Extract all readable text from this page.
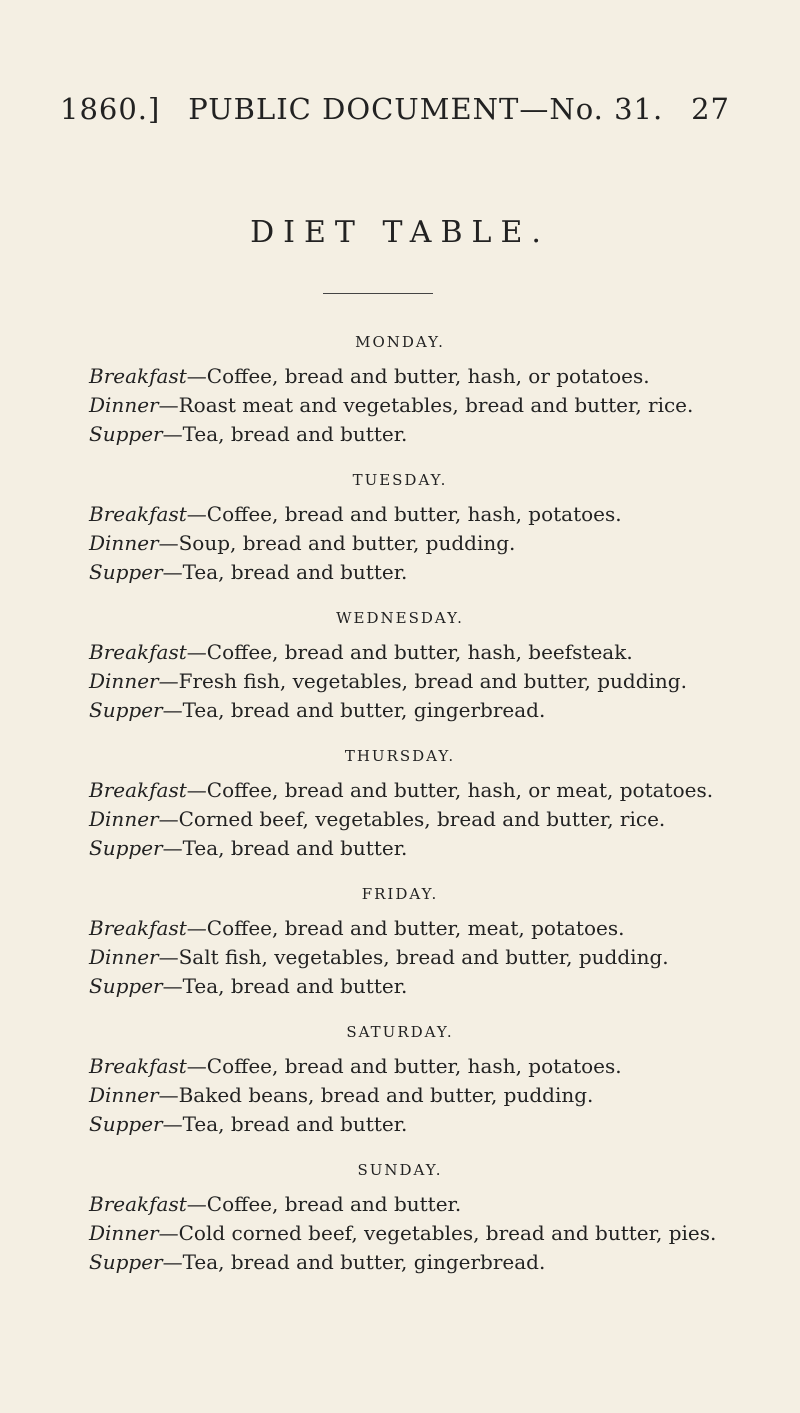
1860.] PUBLIC DOCUMENT—No. 31. 27
DIET TABLE.

MONDAY.

Breakfast—Coffee, bread and butter, hash, or potatoes.

Dinner—Roast meat and vegetables, bread and butter, rice.

Supper—Tea, bread and butter.

TUESDAY.

Breakfast—Coffee, bread and butter, hash, potatoes.

Dinner—Soup, bread and butter, pudding.

Supper—Tea, bread and butter.

WEDNESDAY.

Breakfast—Coffee, bread and butter, hash, beefsteak.

Dinner—Fresh fish, vegetables, bread and butter, pudding.

Supper—Tea, bread and butter, gingerbread.

THURSDAY.

Breakfast—Coffee, bread and butter, hash, or meat, potatoes.

Dinner—Corned beef, vegetables, bread and butter, rice.

Supper—Tea, bread and butter.

FRIDAY.

Breakfast—Coffee, bread and butter, meat, potatoes.

Dinner—Salt fish, vegetables, bread and butter, pudding.

Supper—Tea, bread and butter.

SATURDAY.

Breakfast—Coffee, bread and butter, hash, potatoes.

Dinner—Baked beans, bread and butter, pudding.

Supper—Tea, bread and butter.

SUNDAY.

Breakfast—Coffee, bread and butter.

Dinner—Cold corned beef, vegetables, bread and butter, pies.

Supper—Tea, bread and butter, gingerbread.
